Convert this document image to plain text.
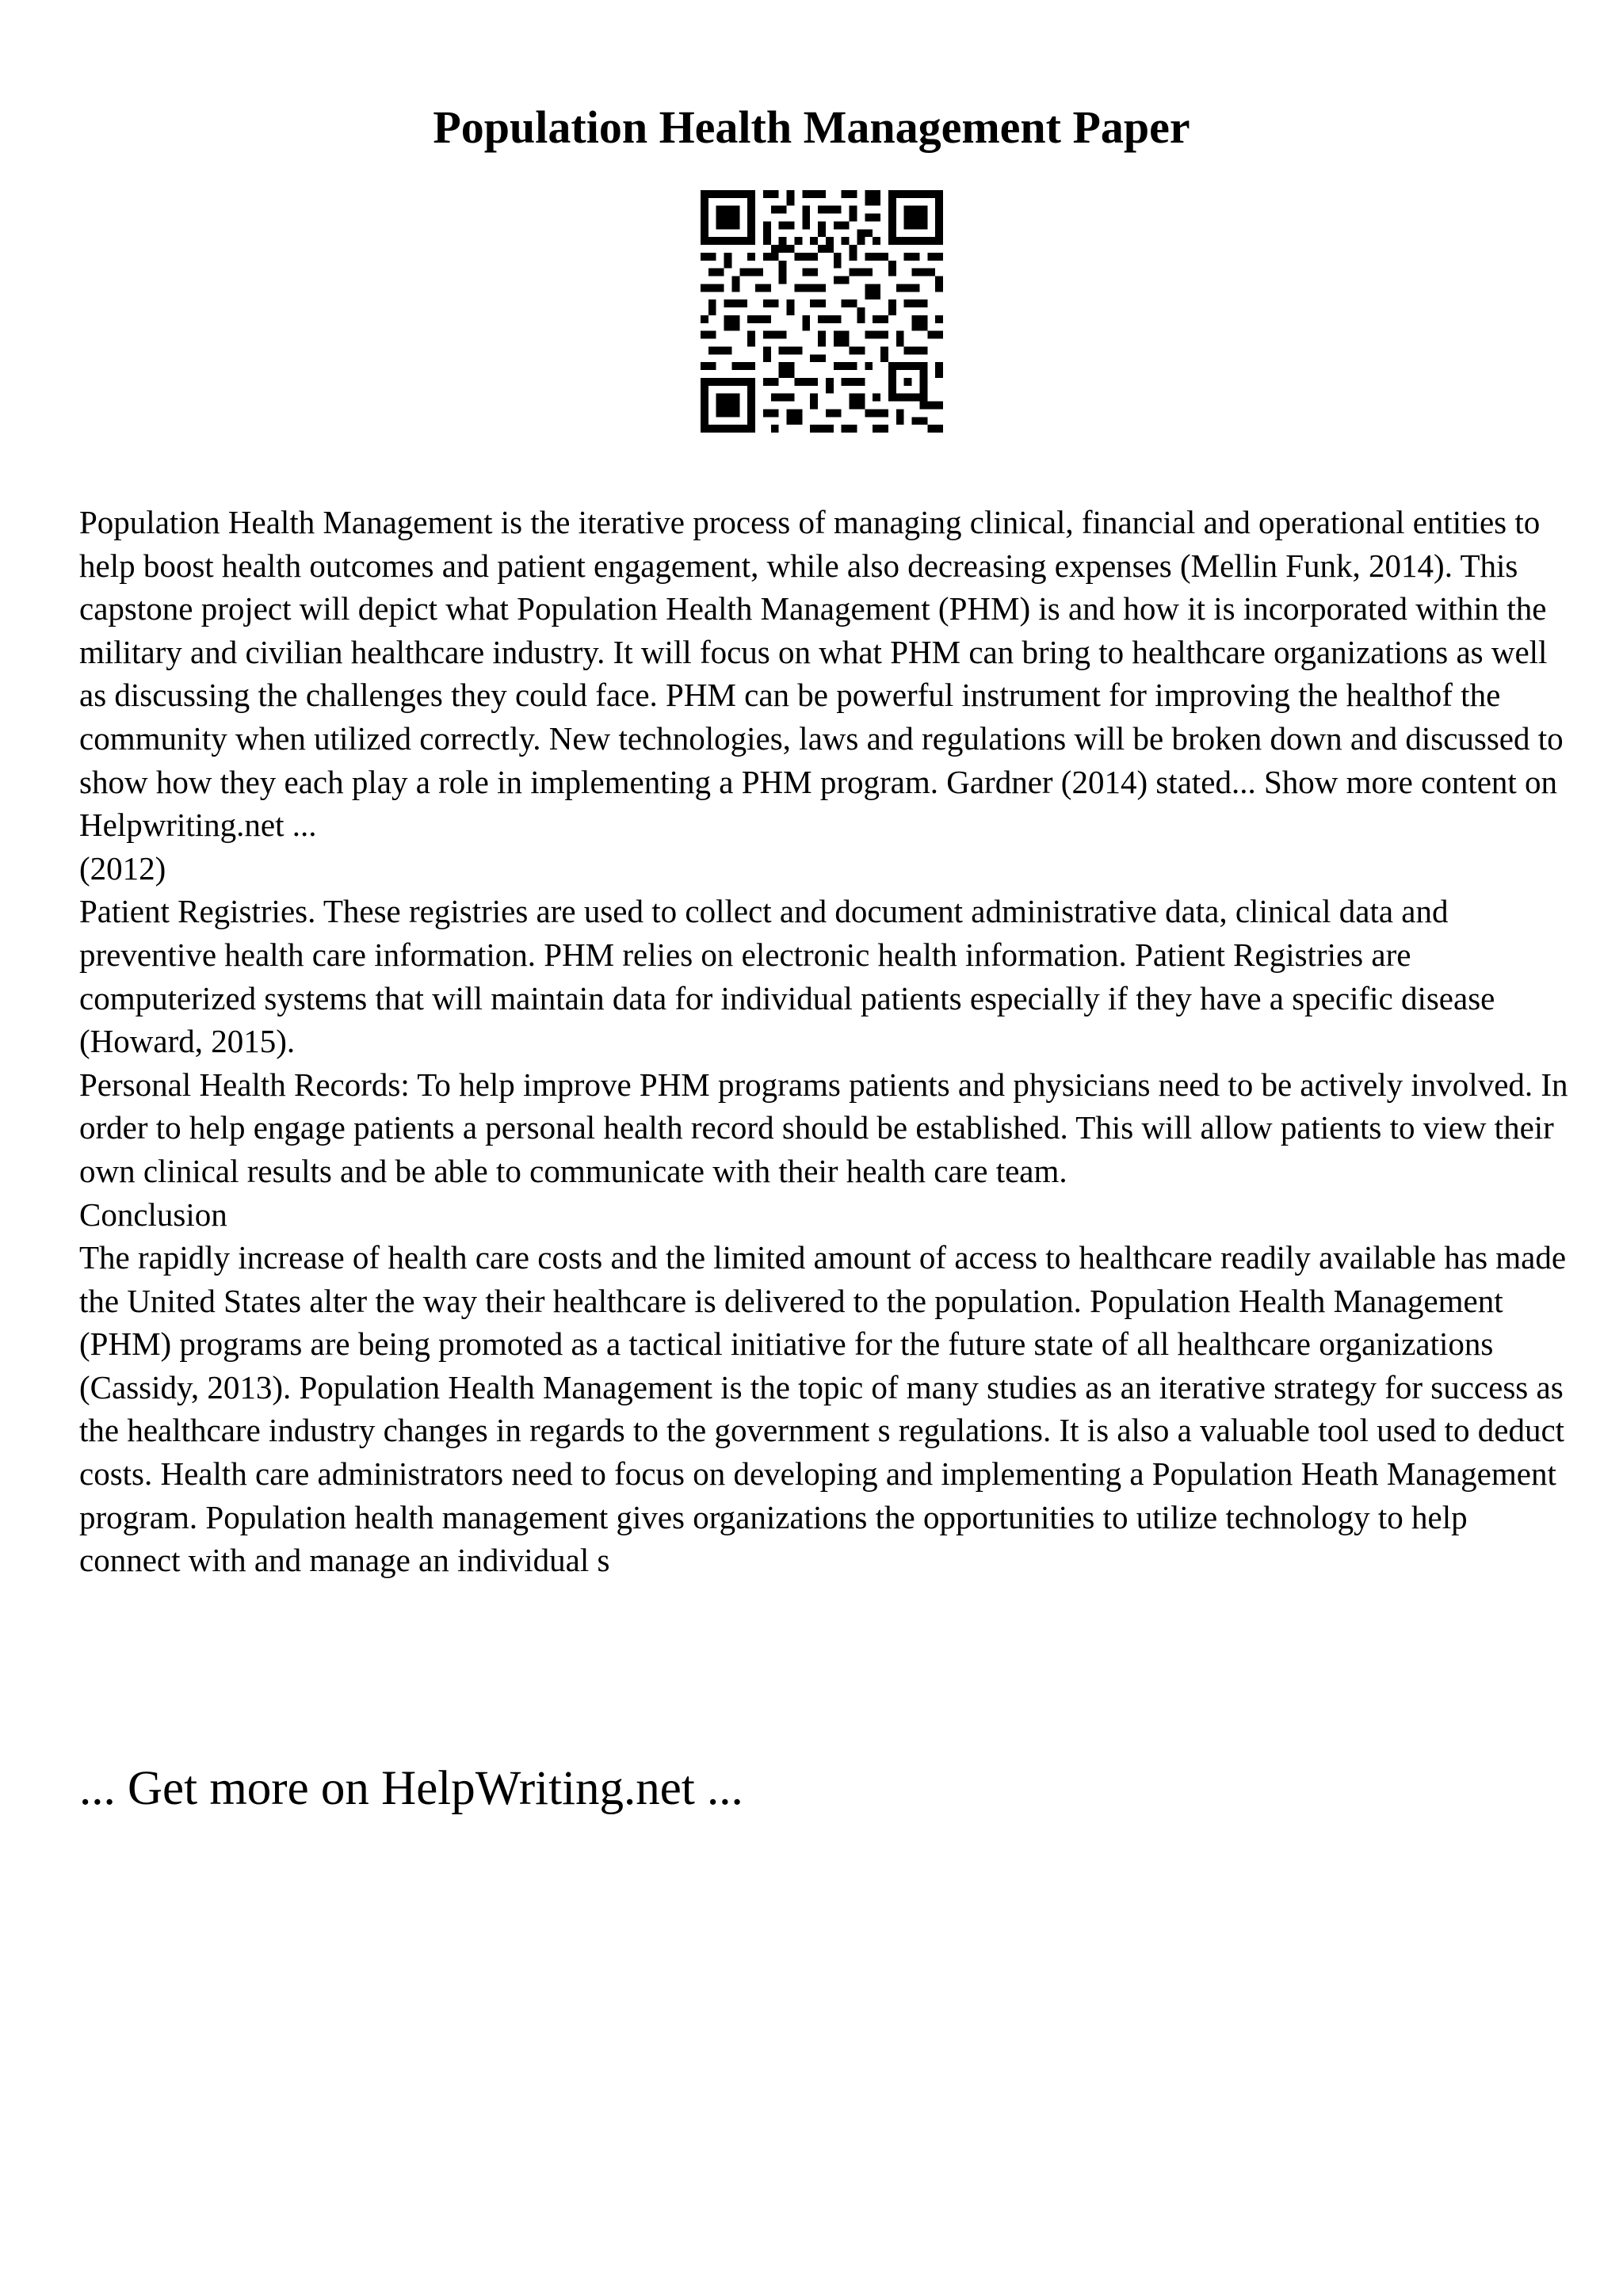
Population Health Management Paper

Population Health Management is the iterative process of managing clinical, financial and operational entities to help boost health outcomes and patient engagement, while also decreasing expenses (Mellin Funk, 2014). This capstone project will depict what Population Health Management (PHM) is and how it is incorporated within the military and civilian healthcare industry. It will focus on what PHM can bring to healthcare organizations as well as discussing the challenges they could face. PHM can be powerful instrument for improving the healthof the community when utilized correctly. New technologies, laws and regulations will be broken down and discussed to show how they each play a role in implementing a PHM program. Gardner (2014) stated... Show more content on Helpwriting.net ...

(2012)

Patient Registries. These registries are used to collect and document administrative data, clinical data and preventive health care information. PHM relies on electronic health information. Patient Registries are computerized systems that will maintain data for individual patients especially if they have a specific disease (Howard, 2015).

Personal Health Records: To help improve PHM programs patients and physicians need to be actively involved. In order to help engage patients a personal health record should be established. This will allow patients to view their own clinical results and be able to communicate with their health care team.

Conclusion

The rapidly increase of health care costs and the limited amount of access to healthcare readily available has made the United States alter the way their healthcare is delivered to the population. Population Health Management (PHM) programs are being promoted as a tactical initiative for the future state of all healthcare organizations (Cassidy, 2013). Population Health Management is the topic of many studies as an iterative strategy for success as the healthcare industry changes in regards to the government s regulations. It is also a valuable tool used to deduct costs. Health care administrators need to focus on developing and implementing a Population Heath Management program. Population health management gives organizations the opportunities to utilize technology to help connect with and manage an individual s

... Get more on HelpWriting.net ...
